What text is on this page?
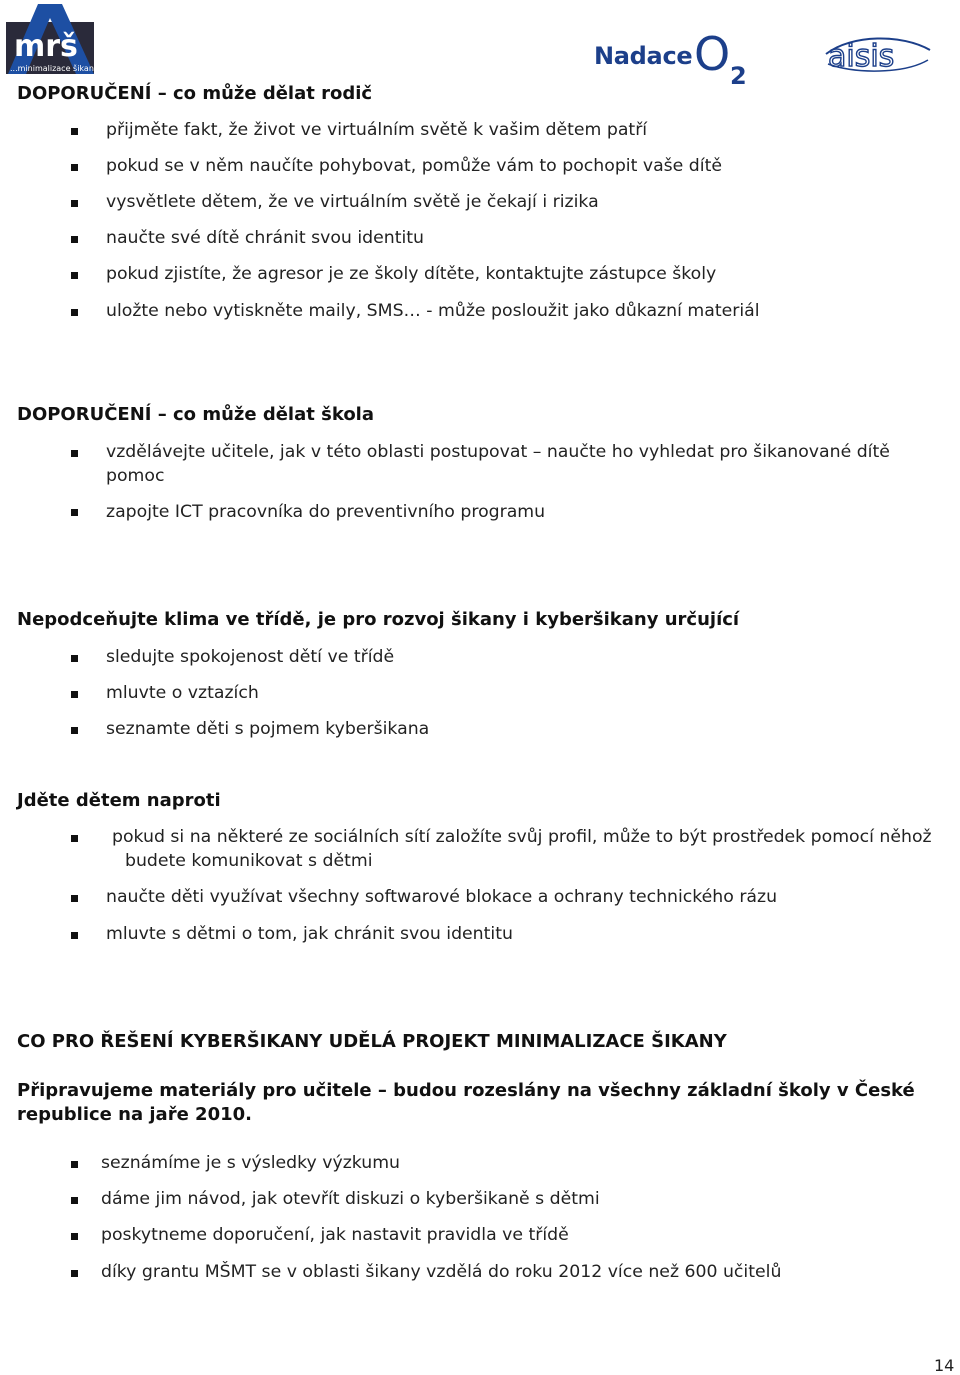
mrš
...minimalizace šikany	Nadace O 2
aisis
DOPORUČENÍ – co může dělat rodič
přijměte fakt, že život ve virtuálním světě k vašim dětem patří
pokud se v něm naučíte pohybovat, pomůže vám to pochopit vaše dítě
vysvětlete dětem, že ve virtuálním světě je čekají i rizika
naučte své dítě chránit svou identitu
pokud zjistíte, že agresor je ze školy dítěte, kontaktujte zástupce školy
uložte nebo vytiskněte maily, SMS… - může posloužit jako důkazní materiál
DOPORUČENÍ – co může dělat škola
vzdělávejte učitele, jak v této oblasti postupovat – naučte ho vyhledat pro šikanované dítě pomoc
zapojte ICT pracovníka do preventivního programu
Nepodceňujte klima ve třídě, je pro rozvoj šikany i kyberšikany určující
sledujte spokojenost dětí ve třídě
mluvte o vztazích
seznamte děti s pojmem kyberšikana
Jděte dětem naproti
pokud si na některé ze sociálních sítí založíte svůj profil, může to být prostředek pomocí něhož budete komunikovat s dětmi
naučte děti využívat všechny softwarové blokace a ochrany technického rázu
mluvte s dětmi o tom, jak chránit svou identitu
CO PRO ŘEŠENÍ KYBERŠIKANY UDĚLÁ PROJEKT MINIMALIZACE ŠIKANY
Připravujeme materiály pro učitele – budou rozeslány na všechny základní školy v České republice na jaře 2010.
seznámíme je s výsledky výzkumu
dáme jim návod, jak otevřít diskuzi o kyberšikaně s dětmi
poskytneme doporučení, jak nastavit pravidla ve třídě
díky grantu MŠMT se v oblasti šikany vzdělá do roku 2012 více než 600 učitelů
14
